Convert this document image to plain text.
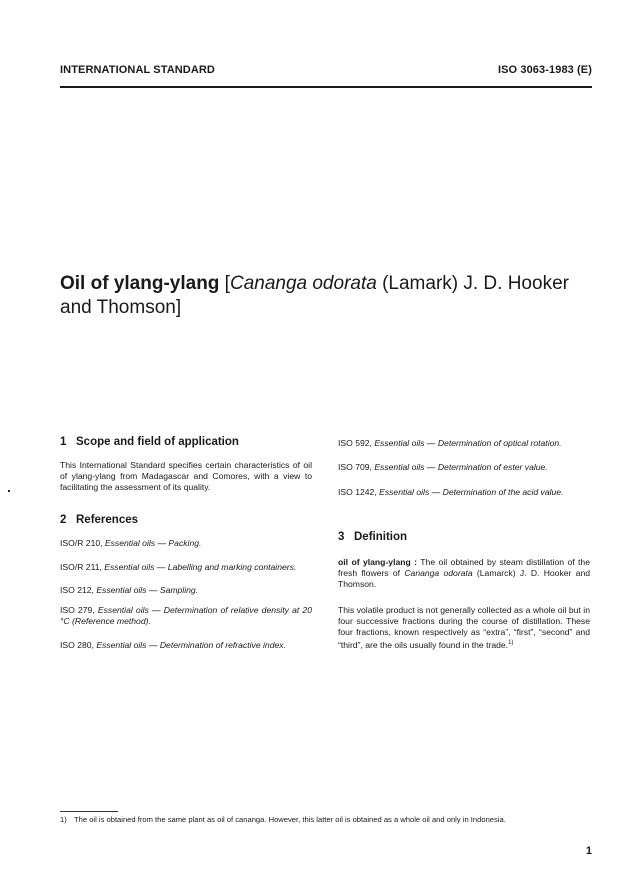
INTERNATIONAL STANDARD	ISO 3063-1983 (E)
Oil of ylang-ylang [Cananga odorata (Lamark) J. D. Hooker
and Thomson]
1 Scope and field of application
This International Standard specifies certain characteristics of oil of ylang-ylang from Madagascar and Comores, with a view to facilitating the assessment of its quality.
2 References
ISO/R 210, Essential oils — Packing.
ISO/R 211, Essential oils — Labelling and marking containers.
ISO 212, Essential oils — Sampling.
ISO 279, Essential oils — Determination of relative density at 20 °C (Reference method).
ISO 280, Essential oils — Determination of refractive index.
ISO 592, Essential oils — Determination of optical rotation.
ISO 709, Essential oils — Determination of ester value.
ISO 1242, Essential oils — Determination of the acid value.
3 Definition
oil of ylang-ylang : The oil obtained by steam distillation of the fresh flowers of Cananga odorata (Lamarck) J. D. Hooker and Thomson.
This volatile product is not generally collected as a whole oil but in four successive fractions during the course of distillation. These four fractions, known respectively as “extra”, “first”, “second” and “third”, are the oils usually found in the trade.$^{1)}$
1) The oil is obtained from the same plant as oil of cananga. However, this latter oil is obtained as a whole oil and only in Indonesia.
1
